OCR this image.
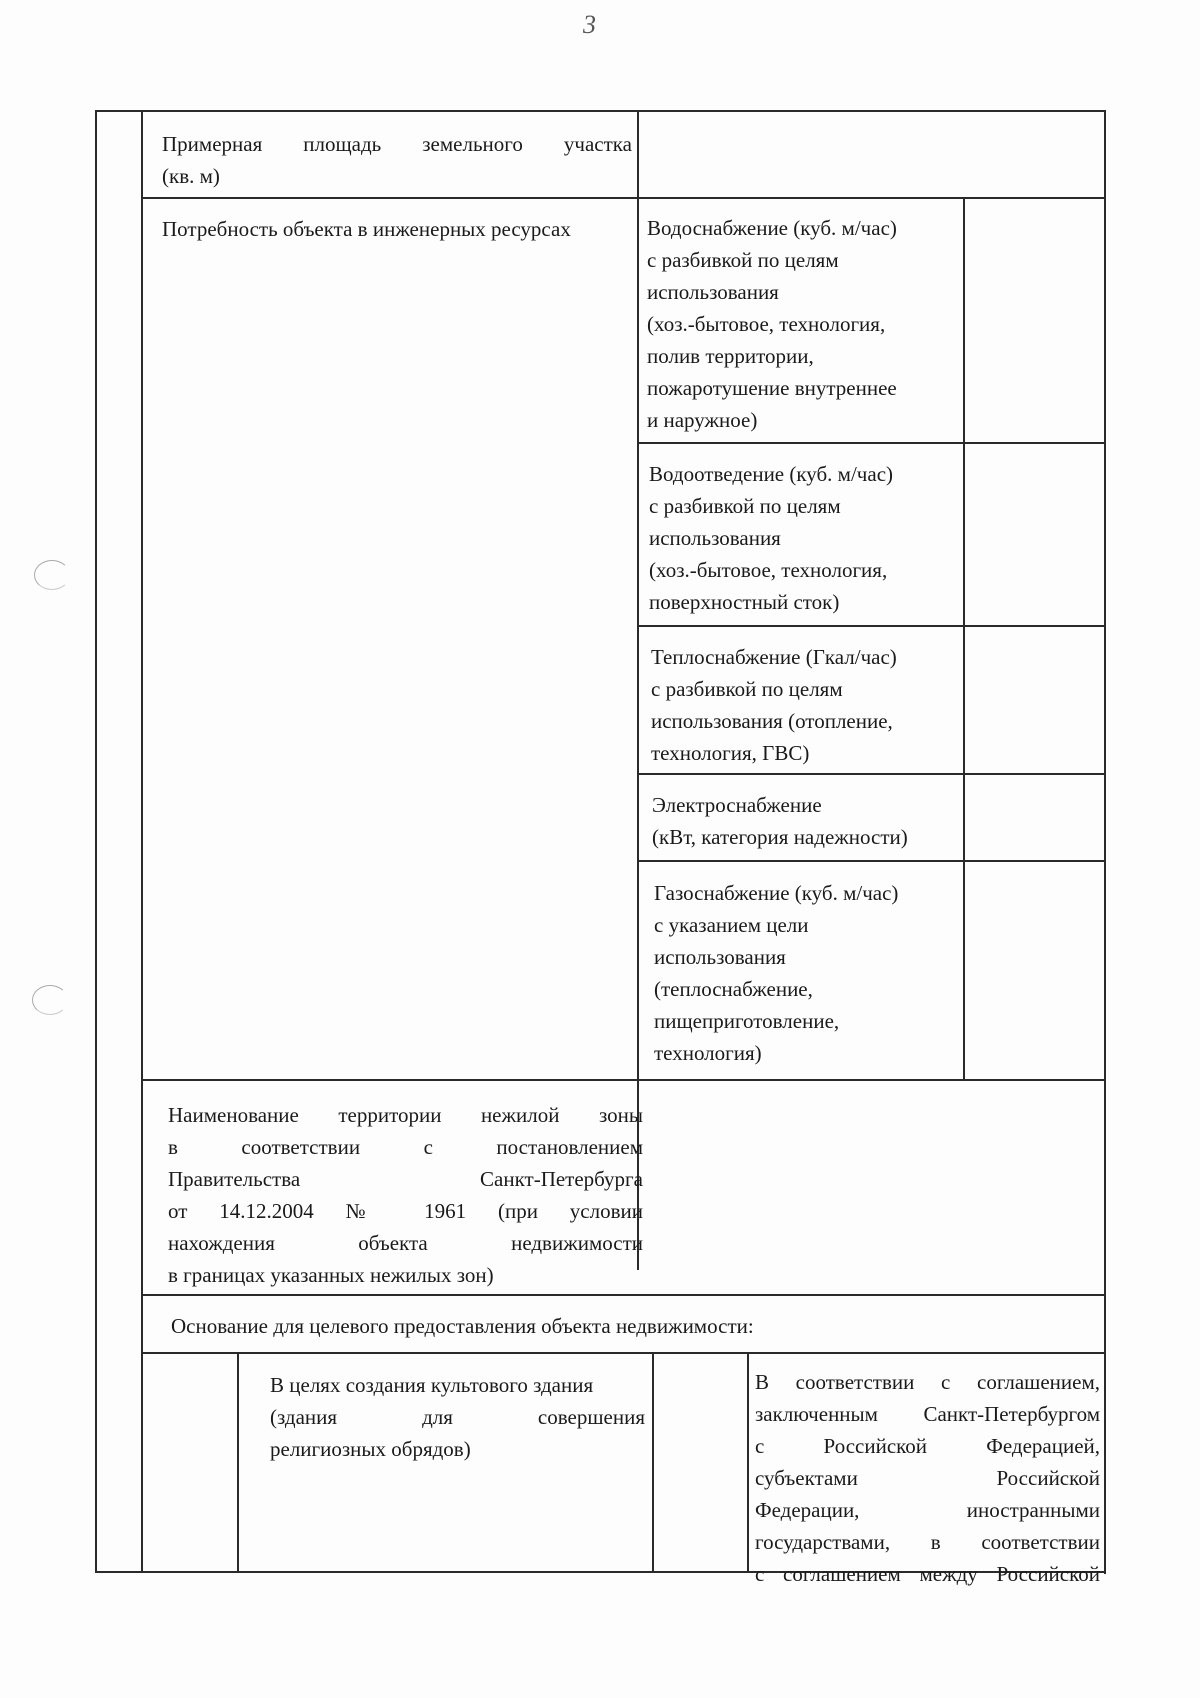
3
Примерная площадь земельного участка
(кв. м)
Потребность объекта в инженерных ресурсах	Водоснабжение (куб. м/час)
с разбивкой по целям
использования
(хоз.-бытовое, технология,
полив территории,
пожаротушение внутреннее
и наружное)
Водоотведение (куб. м/час)
с разбивкой по целям
использования
(хоз.-бытовое, технология,
поверхностный сток)
Теплоснабжение (Гкал/час)
с разбивкой по целям
использования (отопление,
технология, ГВС)
Электроснабжение
(кВт, категория надежности)
Газоснабжение (куб. м/час)
с указанием цели
использования
(теплоснабжение,
пищеприготовление,
технология)
Наименование территории нежилой зоны
в соответствии с постановлением
Правительства Санкт-Петербурга
от 14.12.2004 № 1961 (при условии
нахождения объекта недвижимости
в границах указанных нежилых зон)
Основание для целевого предоставления объекта недвижимости:
В целях создания культового здания
(здания для совершения
религиозных обрядов)
В соответствии с соглашением,
заключенным Санкт-Петербургом
с Российской Федерацией,
субъектами Российской
Федерации, иностранными
государствами, в соответствии
с соглашением между Российской
